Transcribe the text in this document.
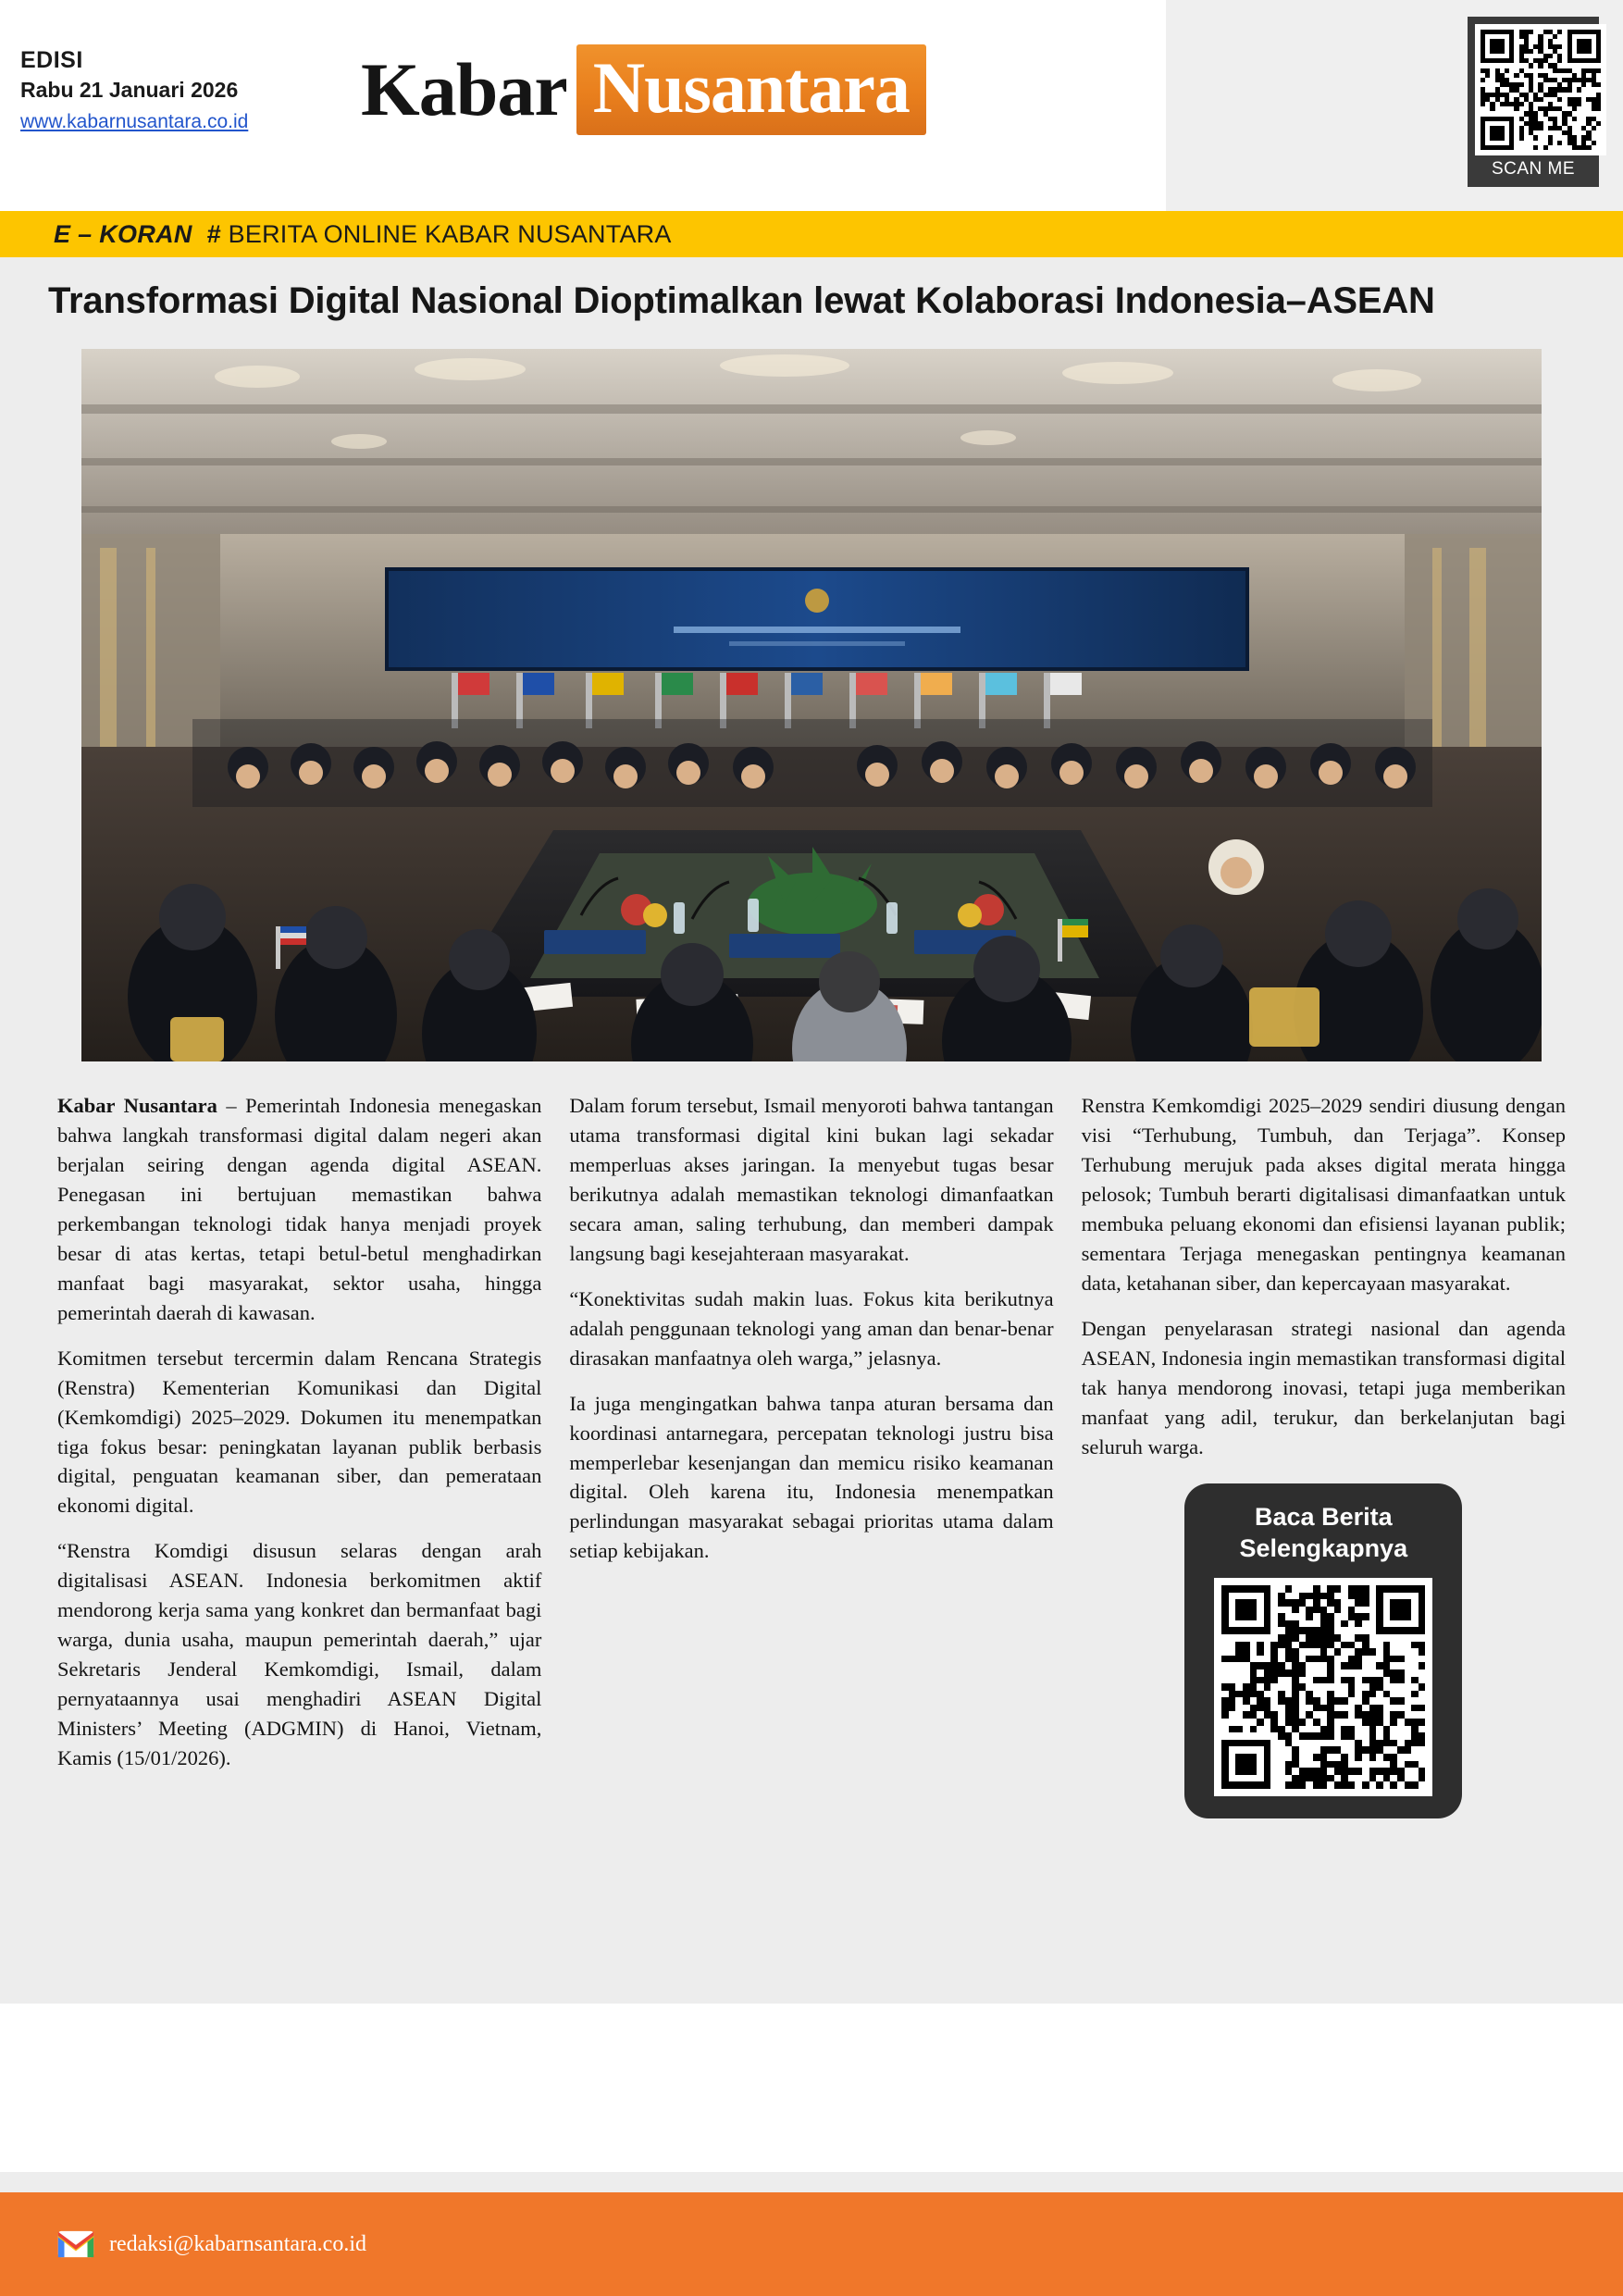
EDISI
Rabu 21 Januari 2026
www.kabarnusantara.co.id	Kabar Nusantara
SCAN ME
E – KORAN # BERITA ONLINE KABAR NUSANTARA
Transformasi Digital Nasional Dioptimalkan lewat Kolaborasi Indonesia–ASEAN

Kabar Nusantara – Pemerintah Indonesia menegaskan bahwa langkah transformasi digital dalam negeri akan berjalan seiring dengan agenda digital ASEAN. Penegasan ini bertujuan memastikan bahwa perkembangan teknologi tidak hanya menjadi proyek besar di atas kertas, tetapi betul-betul menghadirkan manfaat bagi masyarakat, sektor usaha, hingga pemerintah daerah di kawasan.

Komitmen tersebut tercermin dalam Rencana Strategis (Renstra) Kementerian Komunikasi dan Digital (Kemkomdigi) 2025–2029. Dokumen itu menempatkan tiga fokus besar: peningkatan layanan publik berbasis digital, penguatan keamanan siber, dan pemerataan ekonomi digital.

“Renstra Komdigi disusun selaras dengan arah digitalisasi ASEAN. Indonesia berkomitmen aktif mendorong kerja sama yang konkret dan bermanfaat bagi warga, dunia usaha, maupun pemerintah daerah,” ujar Sekretaris Jenderal Kemkomdigi, Ismail, dalam pernyataannya usai menghadiri ASEAN Digital Ministers’ Meeting (ADGMIN) di Hanoi, Vietnam, Kamis (15/01/2026).

Dalam forum tersebut, Ismail menyoroti bahwa tantangan utama transformasi digital kini bukan lagi sekadar memperluas akses jaringan. Ia menyebut tugas besar berikutnya adalah memastikan teknologi dimanfaatkan secara aman, saling terhubung, dan memberi dampak langsung bagi kesejahteraan masyarakat.

“Konektivitas sudah makin luas. Fokus kita berikutnya adalah penggunaan teknologi yang aman dan benar-benar dirasakan manfaatnya oleh warga,” jelasnya.

Ia juga mengingatkan bahwa tanpa aturan bersama dan koordinasi antarnegara, percepatan teknologi justru bisa memperlebar kesenjangan dan memicu risiko keamanan digital. Oleh karena itu, Indonesia menempatkan perlindungan masyarakat sebagai prioritas utama dalam setiap kebijakan.

Renstra Kemkomdigi 2025–2029 sendiri diusung dengan visi “Terhubung, Tumbuh, dan Terjaga”. Konsep Terhubung merujuk pada akses digital merata hingga pelosok; Tumbuh berarti digitalisasi dimanfaatkan untuk membuka peluang ekonomi dan efisiensi layanan publik; sementara Terjaga menegaskan pentingnya keamanan data, ketahanan siber, dan kepercayaan masyarakat.

Dengan penyelarasan strategi nasional dan agenda ASEAN, Indonesia ingin memastikan transformasi digital tak hanya mendorong inovasi, tetapi juga memberikan manfaat yang adil, terukur, dan berkelanjutan bagi seluruh warga.

Baca Berita
Selengkapnya
redaksi@kabarnsantara.co.id
